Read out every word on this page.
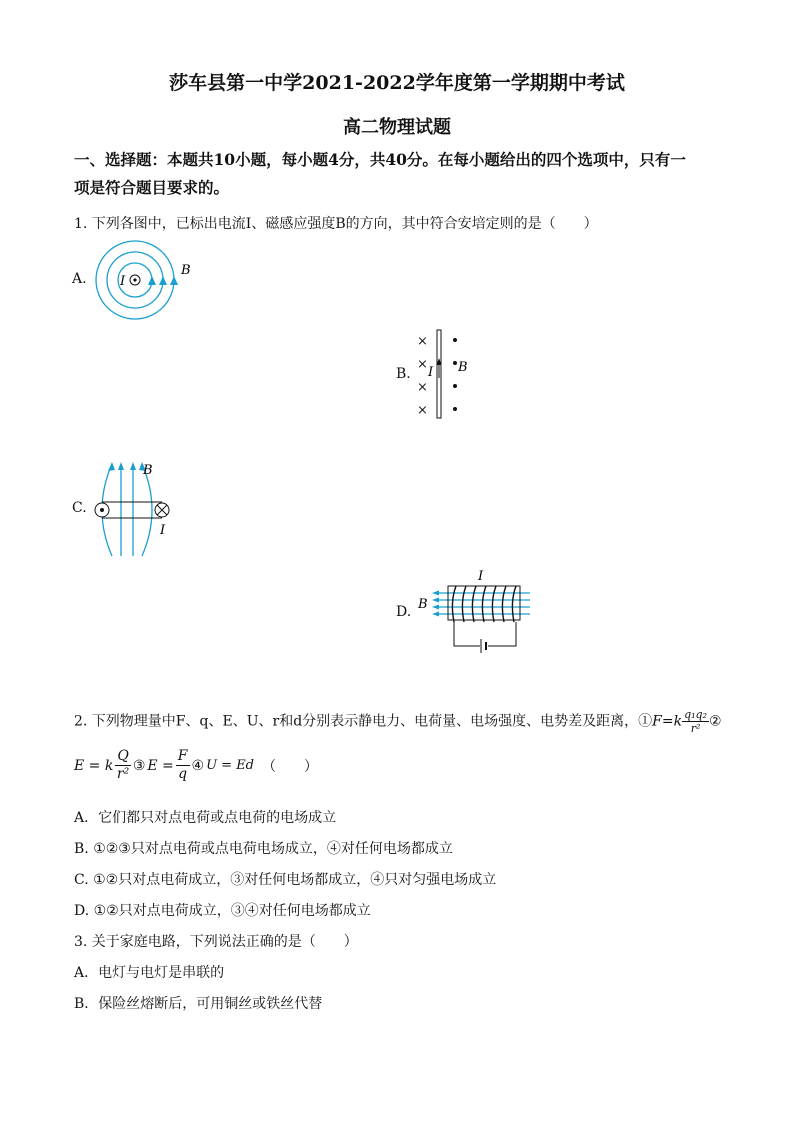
莎车县第一中学2021-2022学年度第一学期期中考试
高二物理试题
一、选择题：本题共10小题，每小题4分，共40分。在每小题给出的四个选项中，只有一
项是符合题目要求的。
1. 下列各图中，已标出电流I、磁感应强度B的方向，其中符合安培定则的是（　　）
A.	I
B
B.
×
×
×
×
I B
C.
B
I
D.
I
B
2. 下列物理量中F、q、E、U、r和d分别表示静电力、电荷量、电场强度、电势差及距离，①F=k $\frac{\text{q₁q₂}}{\text{r²}}$ ②
E = k
Q
r²
③ $E = \frac{F}{q}$ ④ U = Ed （　　）
A．它们都只对点电荷或点电荷的电场成立
B. ①②③只对点电荷或点电荷电场成立，④对任何电场都成立
C. ①②只对点电荷成立，③对任何电场都成立，④只对匀强电场成立
D. ①②只对点电荷成立，③④对任何电场都成立
3. 关于家庭电路，下列说法正确的是（　　）
A．电灯与电灯是串联的
B．保险丝熔断后，可用铜丝或铁丝代替
